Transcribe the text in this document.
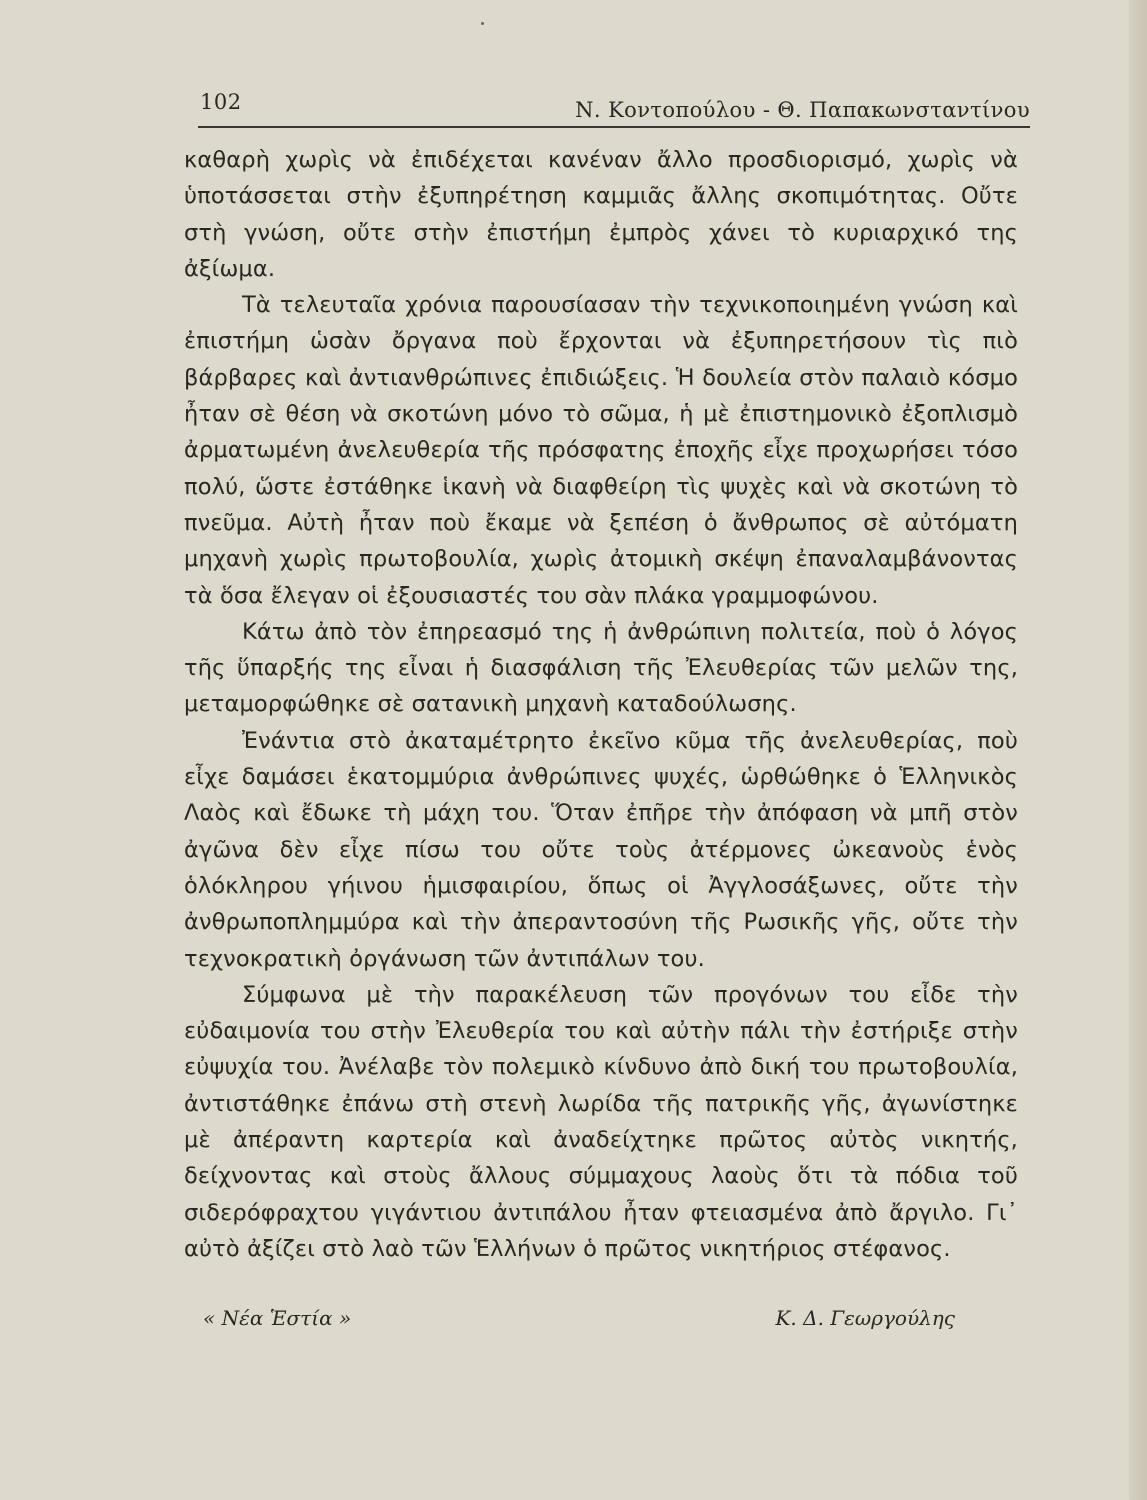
102	Ν. Κοντοπούλου - Θ. Παπακωνσταντίνου

καθαρὴ χωρὶς νὰ ἐπιδέχεται κανέναν ἄλλο προσδιορισμό, χωρὶς νὰ ὑποτάσσεται στὴν ἐξυπηρέτηση καμμιᾶς ἄλλης σκοπιμότητας. Οὔτε στὴ γνώση, οὔτε στὴν ἐπιστήμη ἐμπρὸς χάνει τὸ κυριαρχικό της ἀξίωμα.

Τὰ τελευταῖα χρόνια παρουσίασαν τὴν τεχνικοποιημένη γνώση καὶ ἐπιστήμη ὡσὰν ὄργανα ποὺ ἔρχονται νὰ ἐξυπηρετήσουν τὶς πιὸ βάρβαρες καὶ ἀντιανθρώπινες ἐπιδιώξεις. Ἡ δουλεία στὸν παλαιὸ κόσμο ἦταν σὲ θέση νὰ σκοτώνη μόνο τὸ σῶμα, ἡ μὲ ἐπιστημονικὸ ἐξοπλισμὸ ἀρματωμένη ἀνελευθερία τῆς πρόσφατης ἐποχῆς εἶχε προχωρήσει τόσο πολύ, ὥστε ἐστάθηκε ἱκανὴ νὰ διαφθείρη τὶς ψυχὲς καὶ νὰ σκοτώνη τὸ πνεῦμα. Αὐτὴ ἦταν ποὺ ἔκαμε νὰ ξεπέση ὁ ἄνθρωπος σὲ αὐτόματη μηχανὴ χωρὶς πρωτοβουλία, χωρὶς ἀτομικὴ σκέψη ἐπαναλαμβάνοντας τὰ ὅσα ἔλεγαν οἱ ἐξουσιαστές του σὰν πλάκα γραμμοφώνου.

Κάτω ἀπὸ τὸν ἐπηρεασμό της ἡ ἀνθρώπινη πολιτεία, ποὺ ὁ λόγος τῆς ὕπαρξής της εἶναι ἡ διασφάλιση τῆς Ἐλευθερίας τῶν μελῶν της, μεταμορφώθηκε σὲ σατανικὴ μηχανὴ καταδούλωσης.

Ἐνάντια στὸ ἀκαταμέτρητο ἐκεῖνο κῦμα τῆς ἀνελευθερίας, ποὺ εἶχε δαμάσει ἑκατομμύρια ἀνθρώπινες ψυχές, ὡρθώθηκε ὁ Ἑλληνικὸς Λαὸς καὶ ἔδωκε τὴ μάχη του. Ὅταν ἐπῆρε τὴν ἀπόφαση νὰ μπῆ στὸν ἀγῶνα δὲν εἶχε πίσω του οὔτε τοὺς ἀτέρμονες ὠκεανοὺς ἑνὸς ὁλόκληρου γήινου ἡμισφαιρίου, ὅπως οἱ Ἀγγλοσάξωνες, οὔτε τὴν ἀνθρωποπλημμύρα καὶ τὴν ἀπεραντοσύνη τῆς Ρωσικῆς γῆς, οὔτε τὴν τεχνοκρατικὴ ὀργάνωση τῶν ἀντιπάλων του.

Σύμφωνα μὲ τὴν παρακέλευση τῶν προγόνων του εἶδε τὴν εὐδαιμονία του στὴν Ἐλευθερία του καὶ αὐτὴν πάλι τὴν ἐστήριξε στὴν εὐψυχία του. Ἀνέλαβε τὸν πολεμικὸ κίνδυνο ἀπὸ δική του πρωτοβουλία, ἀντιστάθηκε ἐπάνω στὴ στενὴ λωρίδα τῆς πατρικῆς γῆς, ἀγωνίστηκε μὲ ἀπέραντη καρτερία καὶ ἀναδείχτηκε πρῶτος αὐτὸς νικητής, δείχνοντας καὶ στοὺς ἄλλους σύμμαχους λαοὺς ὅτι τὰ πόδια τοῦ σιδερόφραχτου γιγάντιου ἀντιπάλου ἦταν φτειασμένα ἀπὸ ἄργιλο. Γι᾿ αὐτὸ ἀξίζει στὸ λαὸ τῶν Ἑλλήνων ὁ πρῶτος νικητήριος στέφανος.

« Νέα Ἑστία »	Κ. Δ. Γεωργούλης
